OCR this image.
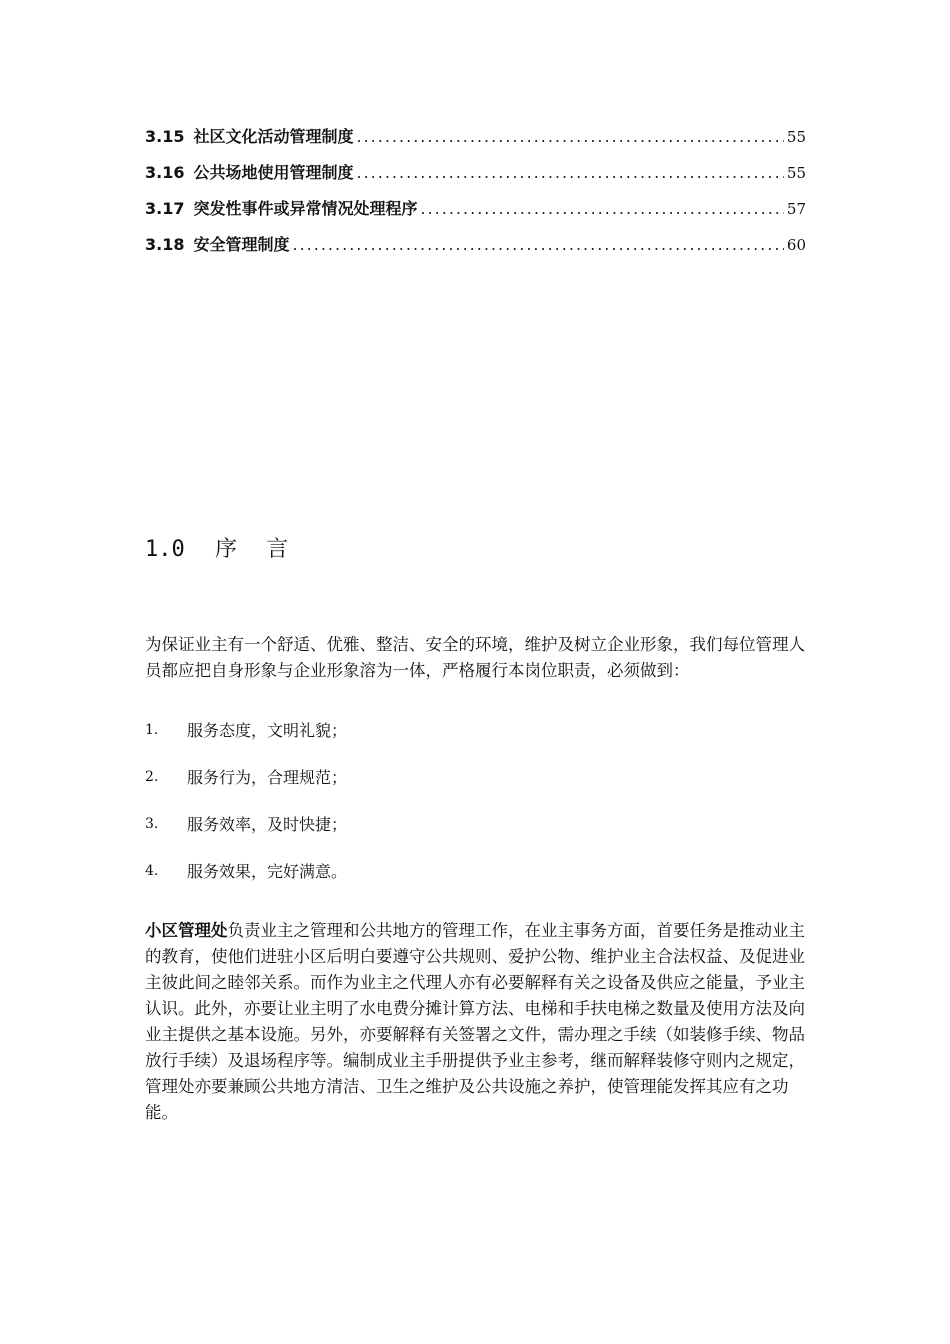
3.15 社区文化活动管理制度 .....	55
3.16 公共场地使用管理制度 .....	55
3.17 突发性事件或异常情况处理程序 .....	57
3.18 安全管理制度 .....	60
1.0 序 言

为保证业主有一个舒适、优雅、整洁、安全的环境，维护及树立企业形象，我们每位管理人员都应把自身形象与企业形象溶为一体，严格履行本岗位职责，必须做到：

1.	服务态度，文明礼貌；
2.	服务行为，合理规范；
3.	服务效率，及时快捷；
4.	服务效果，完好满意。

小区管理处负责业主之管理和公共地方的管理工作，在业主事务方面，首要任务是推动业主的教育，使他们进驻小区后明白要遵守公共规则、爱护公物、维护业主合法权益、及促进业主彼此间之睦邻关系。而作为业主之代理人亦有必要解释有关之设备及供应之能量，予业主认识。此外，亦要让业主明了水电费分摊计算方法、电梯和手扶电梯之数量及使用方法及向业主提供之基本设施。另外，亦要解释有关签署之文件，需办理之手续（如装修手续、物品放行手续）及退场程序等。编制成业主手册提供予业主参考，继而解释装修守则内之规定，管理处亦要兼顾公共地方清洁、卫生之维护及公共设施之养护，使管理能发挥其应有之功能。
